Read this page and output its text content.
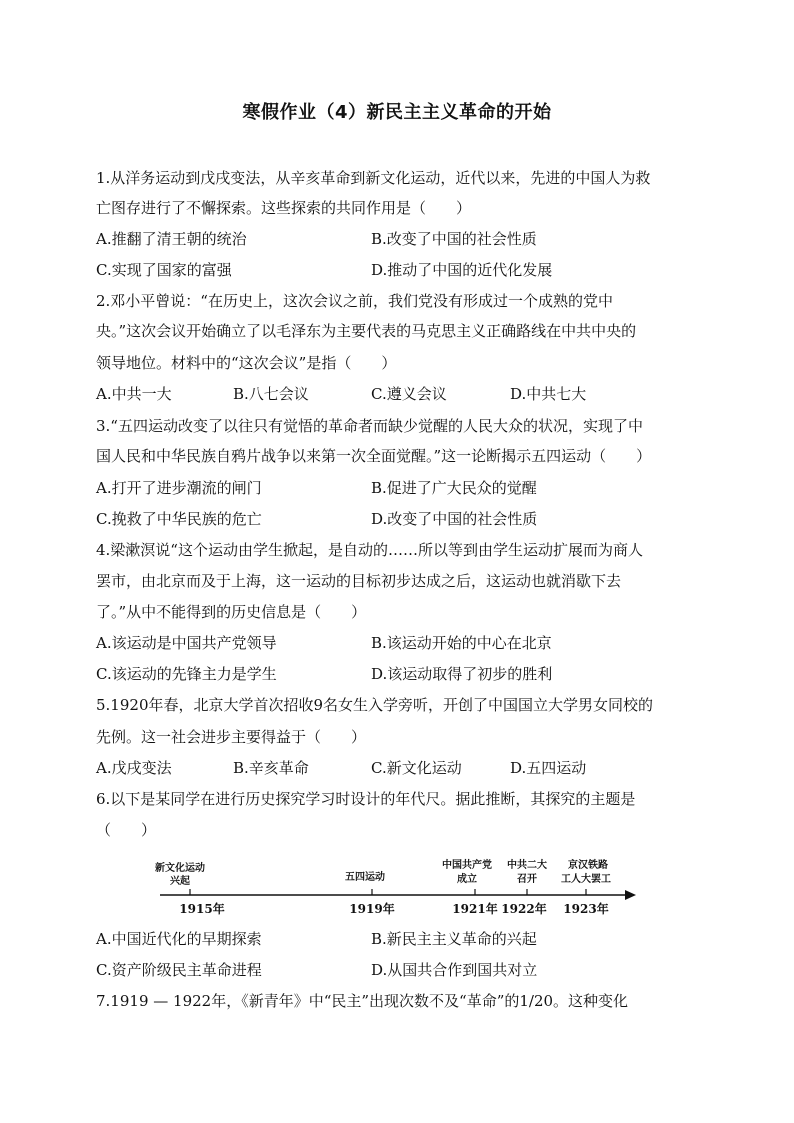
寒假作业（4）新民主主义革命的开始
1.从洋务运动到戊戌变法，从辛亥革命到新文化运动，近代以来，先进的中国人为救
亡图存进行了不懈探索。这些探索的共同作用是（　　）
A.推翻了清王朝的统治	B.改变了中国的社会性质
C.实现了国家的富强	D.推动了中国的近代化发展
2.邓小平曾说：“在历史上，这次会议之前，我们党没有形成过一个成熟的党中
央。”这次会议开始确立了以毛泽东为主要代表的马克思主义正确路线在中共中央的
领导地位。材料中的“这次会议”是指（　　）
A.中共一大	B.八七会议	C.遵义会议	D.中共七大
3.“五四运动改变了以往只有觉悟的革命者而缺少觉醒的人民大众的状况，实现了中
国人民和中华民族自鸦片战争以来第一次全面觉醒。”这一论断揭示五四运动（　　）
A.打开了进步潮流的闸门	B.促进了广大民众的觉醒
C.挽救了中华民族的危亡	D.改变了中国的社会性质
4.梁漱溟说“这个运动由学生掀起，是自动的……所以等到由学生运动扩展而为商人
罢市，由北京而及于上海，这一运动的目标初步达成之后，这运动也就消歇下去
了。”从中不能得到的历史信息是（　　）
A.该运动是中国共产党领导	B.该运动开始的中心在北京
C.该运动的先锋主力是学生	D.该运动取得了初步的胜利
5.1920年春，北京大学首次招收9名女生入学旁听，开创了中国国立大学男女同校的
先例。这一社会进步主要得益于（　　）
A.戊戌变法	B.辛亥革命	C.新文化运动	D.五四运动
6.以下是某同学在进行历史探究学习时设计的年代尺。据此推断，其探究的主题是
（　　）
新文化运动
兴起
1915年
五四运动
1919年
中国共产党
成立
1921年
中共二大
召开
1922年
京汉铁路
工人大罢工
1923年
A.中国近代化的早期探索	B.新民主主义革命的兴起
C.资产阶级民主革命进程	D.从国共合作到国共对立
7.1919 — 1922年，《新青年》中“民主”出现次数不及“革命”的1/20。这种变化
